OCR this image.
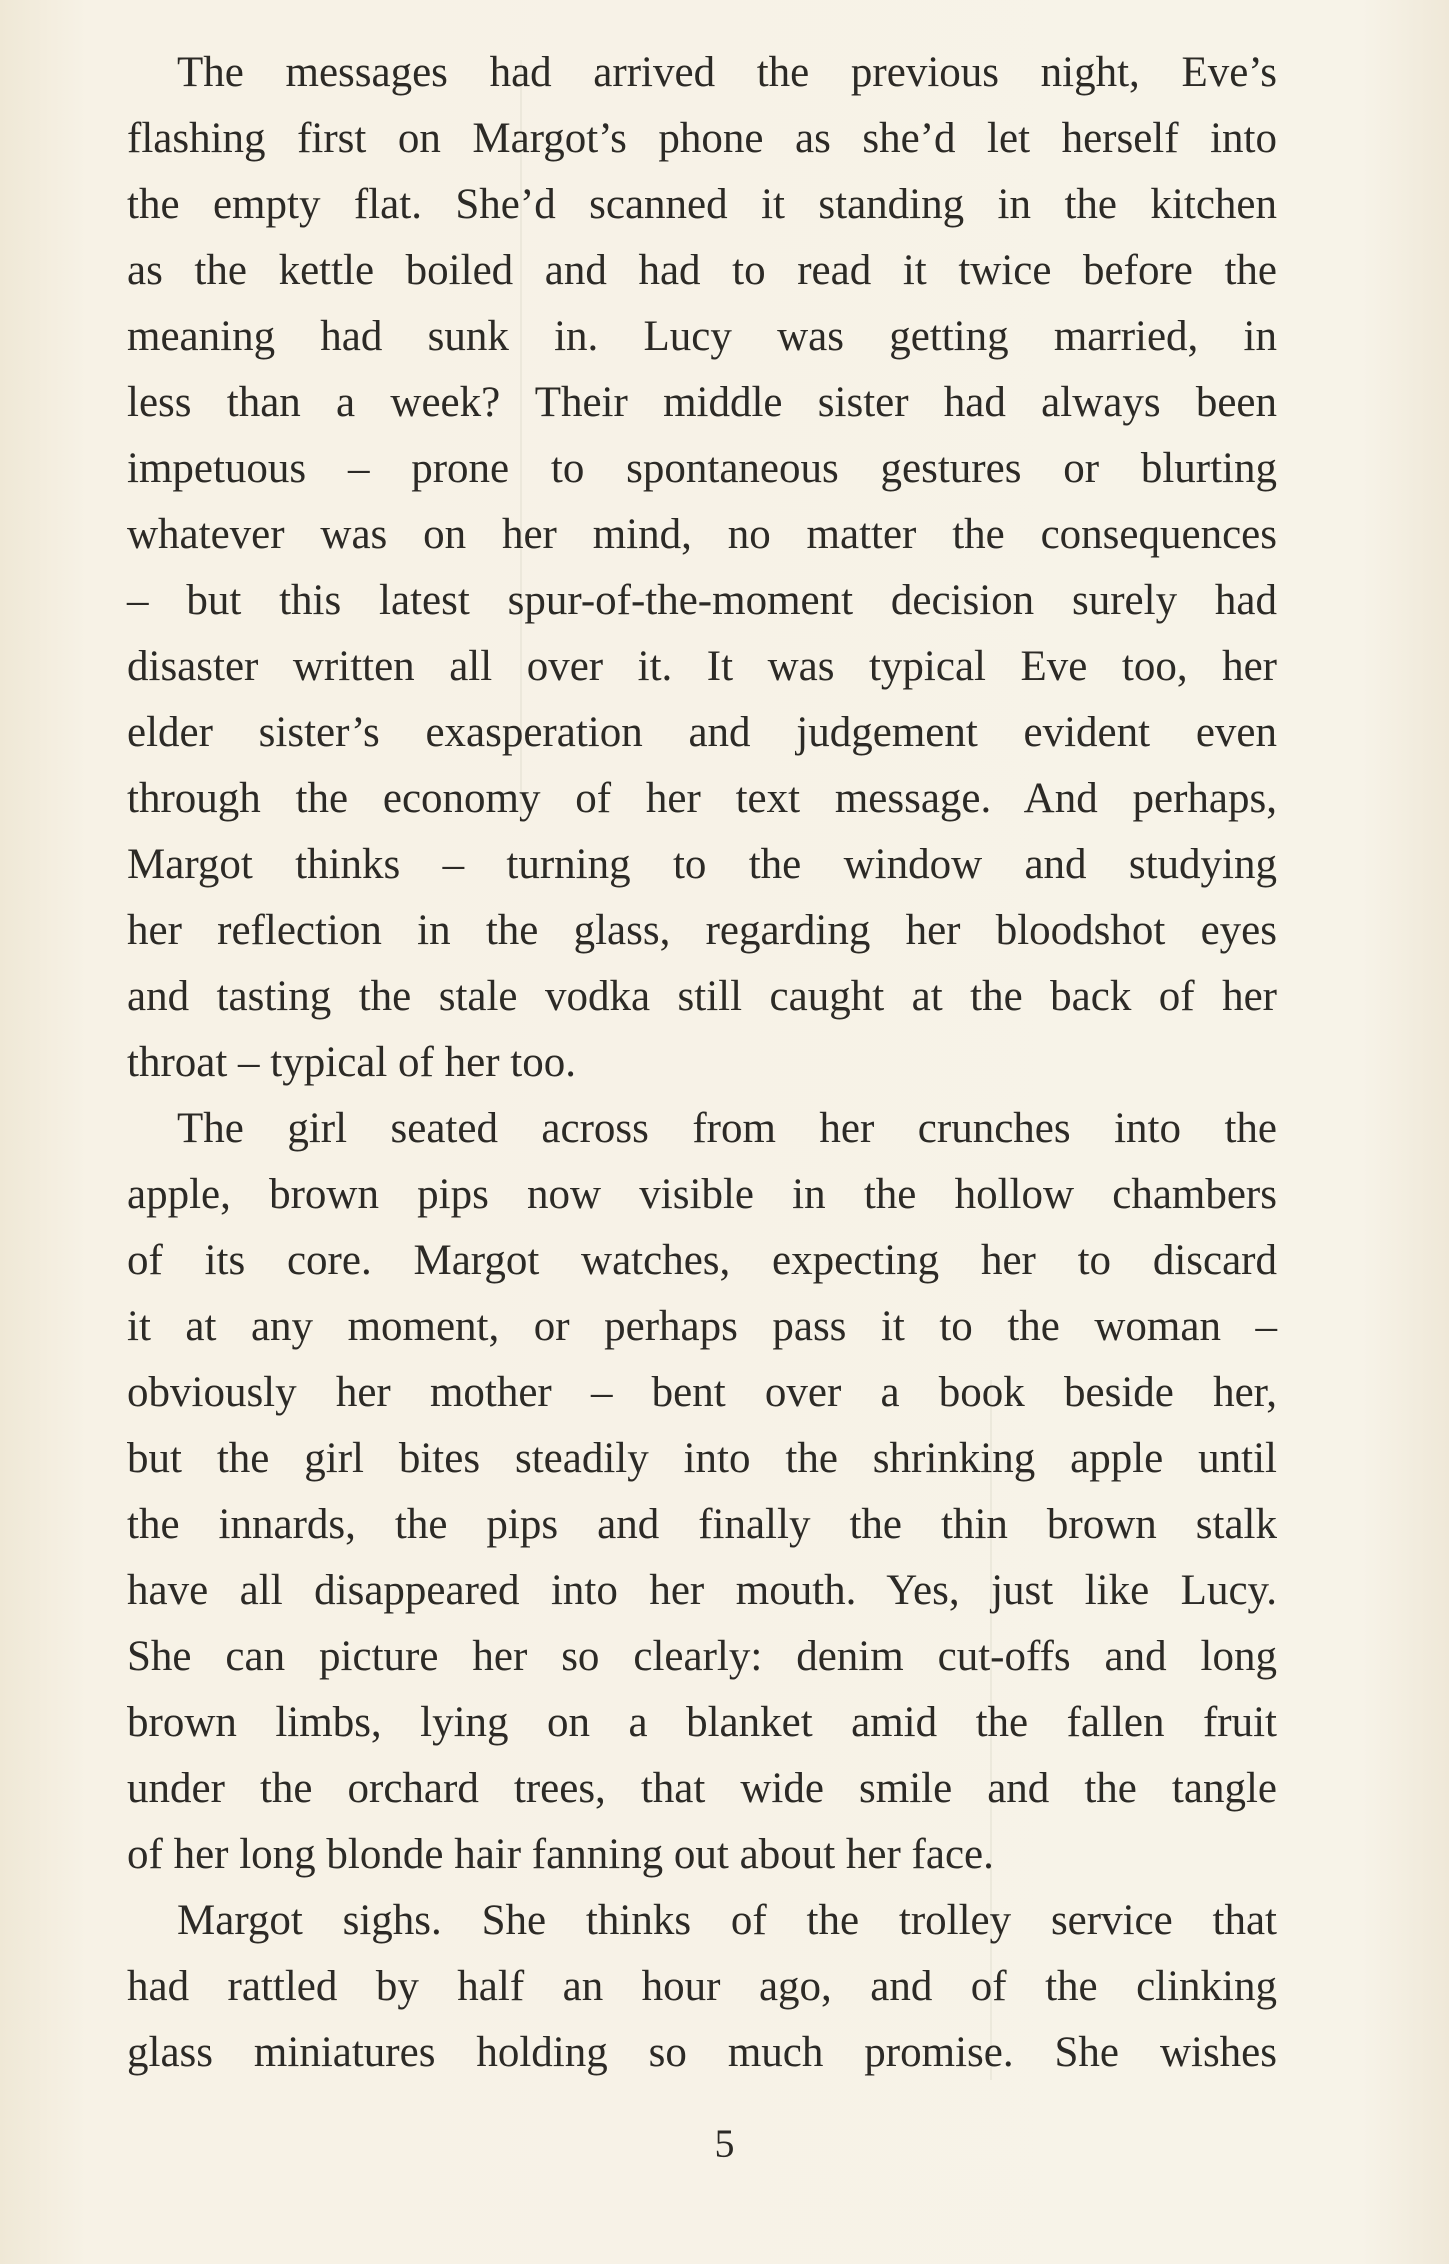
The messages had arrived the previous night, Eve’s
flashing first on Margot’s phone as she’d let herself into
the empty flat. She’d scanned it standing in the kitchen
as the kettle boiled and had to read it twice before the
meaning had sunk in. Lucy was getting married, in
less than a week? Their middle sister had always been
impetuous – prone to spontaneous gestures or blurting
whatever was on her mind, no matter the consequences
– but this latest spur-of-the-moment decision surely had
disaster written all over it. It was typical Eve too, her
elder sister’s exasperation and judgement evident even
through the economy of her text message. And perhaps,
Margot thinks – turning to the window and studying
her reflection in the glass, regarding her bloodshot eyes
and tasting the stale vodka still caught at the back of her
throat – typical of her too.
The girl seated across from her crunches into the
apple, brown pips now visible in the hollow chambers
of its core. Margot watches, expecting her to discard
it at any moment, or perhaps pass it to the woman –
obviously her mother – bent over a book beside her,
but the girl bites steadily into the shrinking apple until
the innards, the pips and finally the thin brown stalk
have all disappeared into her mouth. Yes, just like Lucy.
She can picture her so clearly: denim cut-offs and long
brown limbs, lying on a blanket amid the fallen fruit
under the orchard trees, that wide smile and the tangle
of her long blonde hair fanning out about her face.
Margot sighs. She thinks of the trolley service that
had rattled by half an hour ago, and of the clinking
glass miniatures holding so much promise. She wishes
5
